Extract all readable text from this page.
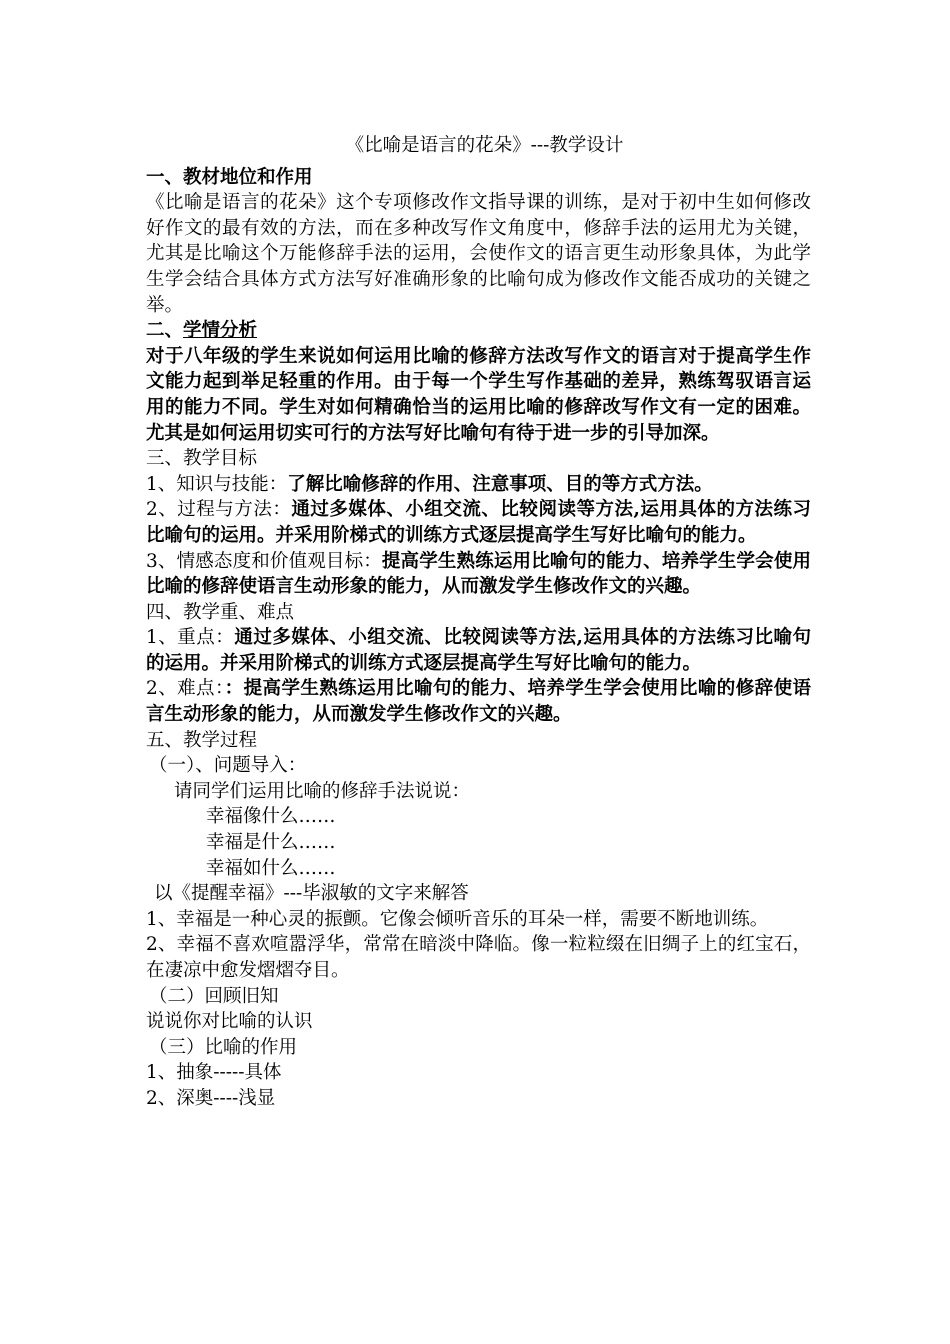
《比喻是语言的花朵》---教学设计

一、教材地位和作用

《比喻是语言的花朵》这个专项修改作文指导课的训练，是对于初中生如何修改好作文的最有效的方法，而在多种改写作文角度中，修辞手法的运用尤为关键，尤其是比喻这个万能修辞手法的运用，会使作文的语言更生动形象具体，为此学生学会结合具体方式方法写好准确形象的比喻句成为修改作文能否成功的关键之举。

二、学情分析

对于八年级的学生来说如何运用比喻的修辞方法改写作文的语言对于提高学生作文能力起到举足轻重的作用。由于每一个学生写作基础的差异，熟练驾驭语言运用的能力不同。学生对如何精确恰当的运用比喻的修辞改写作文有一定的困难。尤其是如何运用切实可行的方法写好比喻句有待于进一步的引导加深。

三、教学目标

1、知识与技能：了解比喻修辞的作用、注意事项、目的等方式方法。

2、过程与方法：通过多媒体、小组交流、比较阅读等方法,运用具体的方法练习比喻句的运用。并采用阶梯式的训练方式逐层提高学生写好比喻句的能力。

3、情感态度和价值观目标：提高学生熟练运用比喻句的能力、培养学生学会使用比喻的修辞使语言生动形象的能力，从而激发学生修改作文的兴趣。

四、教学重、难点

1、重点：通过多媒体、小组交流、比较阅读等方法,运用具体的方法练习比喻句的运用。并采用阶梯式的训练方式逐层提高学生写好比喻句的能力。

2、难点：：提高学生熟练运用比喻句的能力、培养学生学会使用比喻的修辞使语言生动形象的能力，从而激发学生修改作文的兴趣。

五、教学过程

（一）、问题导入：

请同学们运用比喻的修辞手法说说：

幸福像什么……

幸福是什么……

幸福如什么……

以《提醒幸福》---毕淑敏的文字来解答

1、幸福是一种心灵的振颤。它像会倾听音乐的耳朵一样，需要不断地训练。

2、幸福不喜欢喧嚣浮华，常常在暗淡中降临。像一粒粒缀在旧绸子上的红宝石，在凄凉中愈发熠熠夺目。

（二）回顾旧知

说说你对比喻的认识

（三）比喻的作用

1、抽象-----具体

2、深奥----浅显
